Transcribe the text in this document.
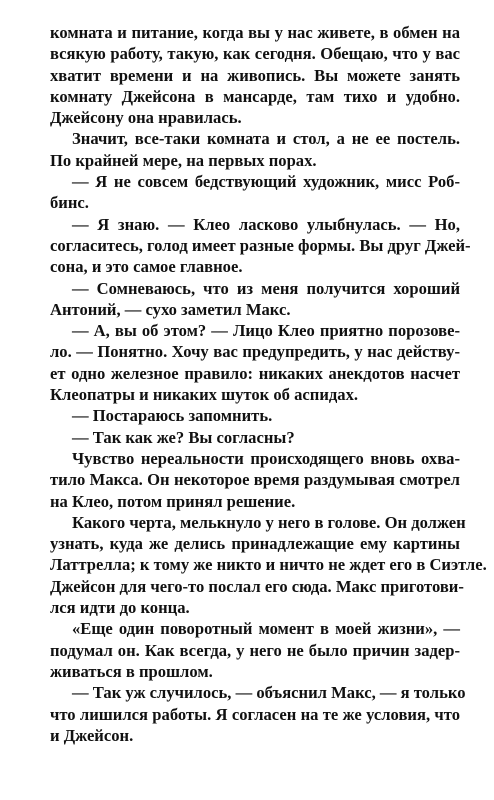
комната и питание, когда вы у нас живете, в обмен на
всякую работу, такую, как сегодня. Обещаю, что у вас
хватит времени и на живопись. Вы можете занять
комнату Джейсона в мансарде, там тихо и удобно.
Джейсону она нравилась.
Значит, все-таки комната и стол, а не ее постель.
По крайней мере, на первых порах.
— Я не совсем бедствующий художник, мисс Роб-
бинс.
— Я знаю. — Клео ласково улыбнулась. — Но,
согласитесь, голод имеет разные формы. Вы друг Джей-
сона, и это самое главное.
— Сомневаюсь, что из меня получится хороший
Антоний, — сухо заметил Макс.
— А, вы об этом? — Лицо Клео приятно порозове-
ло. — Понятно. Хочу вас предупредить, у нас действу-
ет одно железное правило: никаких анекдотов насчет
Клеопатры и никаких шуток об аспидах.
— Постараюсь запомнить.
— Так как же? Вы согласны?
Чувство нереальности происходящего вновь охва-
тило Макса. Он некоторое время раздумывая смотрел
на Клео, потом принял решение.
Какого черта, мелькнуло у него в голове. Он должен
узнать, куда же делись принадлежащие ему картины
Латтрелла; к тому же никто и ничто не ждет его в Сиэтле.
Джейсон для чего-то послал его сюда. Макс приготови-
лся идти до конца.
«Еще один поворотный момент в моей жизни», —
подумал он. Как всегда, у него не было причин задер-
живаться в прошлом.
— Так уж случилось, — объяснил Макс, — я только
что лишился работы. Я согласен на те же условия, что
и Джейсон.
